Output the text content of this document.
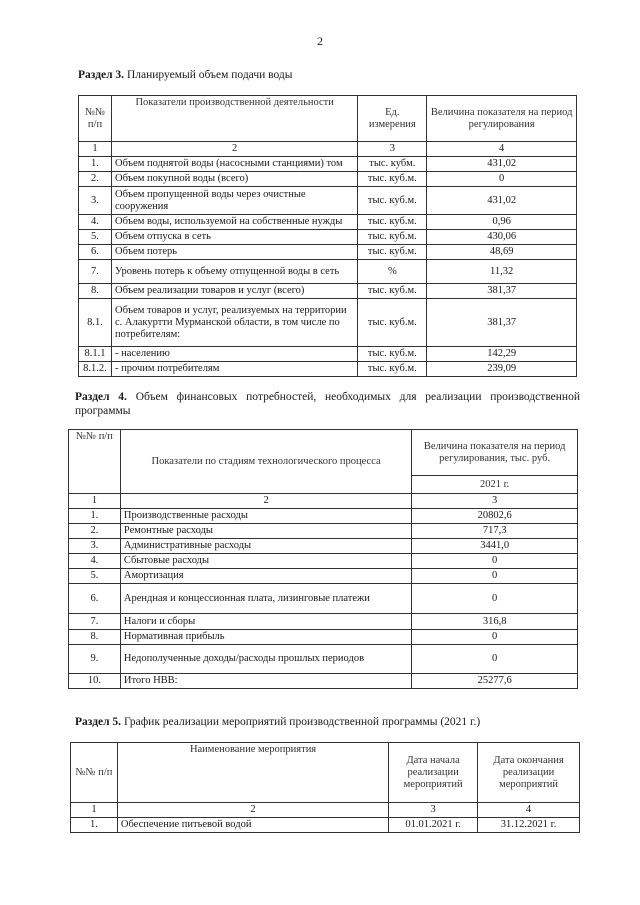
2
Раздел 3. Планируемый объем подачи воды
№№ п/п	Показатели производственной деятельности	Ед. измерения	Величина показателя на период регулирования
1	2	3	4
1.	Объем поднятой воды (насосными станциями) том	тыс. кубм.	431,02
2.	Объем покупной воды (всего)	тыс. куб.м.	0
3.	Объем пропущенной воды через очистные сооружения	тыс. куб.м.	431,02
4.	Объем воды, используемой на собственные нужды	тыс. куб.м.	0,96
5.	Объем отпуска в сеть	тыс. куб.м.	430,06
6.	Объем потерь	тыс. куб.м.	48,69
7.	Уровень потерь к объему отпущенной воды в сеть	%	11,32
8.	Объем реализации товаров и услуг (всего)	тыс. куб.м.	381,37
8.1.	Объем товаров и услуг, реализуемых на территории с. Алакуртти Мурманской области, в том числе по потребителям:	тыс. куб.м.	381,37
8.1.1	- населению	тыс. куб.м.	142,29
8.1.2.	- прочим потребителям	тыс. куб.м.	239,09
Раздел 4. Объем финансовых потребностей, необходимых для реализации производственной программы
№№ п/п	Показатели по стадиям технологического процесса	Величина показателя на период регулирования, тыс. руб.
		2021 г.
1	2	3
1.	Производственные расходы	20802,6
2.	Ремонтные расходы	717,3
3.	Административные расходы	3441,0
4.	Сбытовые расходы	0
5.	Амортизация	0
6.	Арендная и концессионная плата, лизинговые платежи	0
7.	Налоги и сборы	316,8
8.	Нормативная прибыль	0
9.	Недополученные доходы/расходы прошлых периодов	0
10.	Итого НВВ:	25277,6
Раздел 5. График реализации мероприятий производственной программы (2021 г.)
№№ п/п	Наименование мероприятия	Дата начала реализации мероприятий	Дата окончания реализации мероприятий
1	2	3	4
1.	Обеспечение питьевой водой	01.01.2021 г.	31.12.2021 г.
